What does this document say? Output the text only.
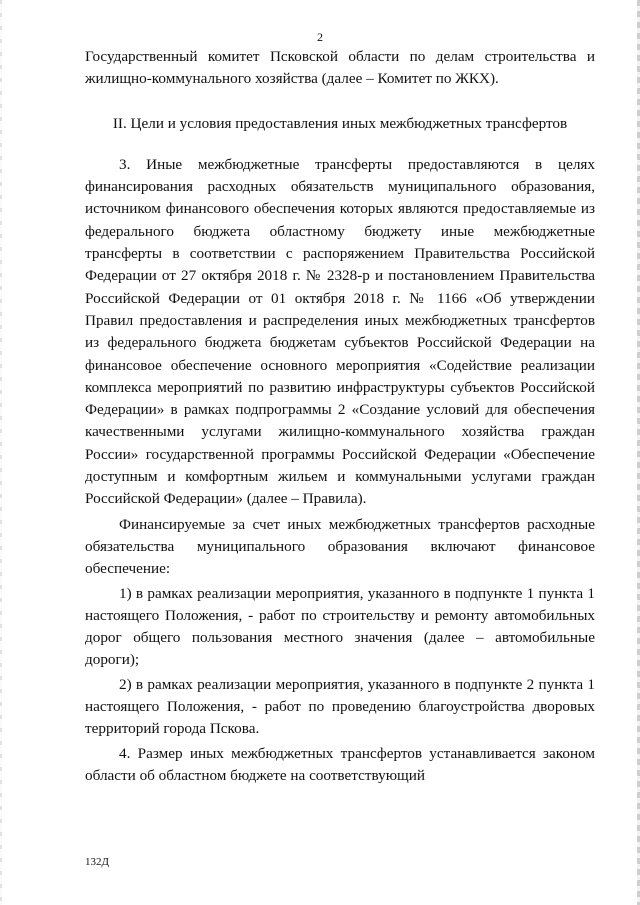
2

Государственный комитет Псковской области по делам строительства и жилищно-коммунального хозяйства (далее – Комитет по ЖКХ).

II. Цели и условия предоставления иных межбюджетных трансфертов

3. Иные межбюджетные трансферты предоставляются в целях финансирования расходных обязательств муниципального образования, источником финансового обеспечения которых являются предоставляемые из федерального бюджета областному бюджету иные межбюджетные трансферты в соответствии с распоряжением Правительства Российской Федерации от 27 октября 2018 г. № 2328-р и постановлением Правительства Российской Федерации от 01 октября 2018 г. № 1166 «Об утверждении Правил предоставления и распределения иных межбюджетных трансфертов из федерального бюджета бюджетам субъектов Российской Федерации на финансовое обеспечение основного мероприятия «Содействие реализации комплекса мероприятий по развитию инфраструктуры субъектов Российской Федерации» в рамках подпрограммы 2 «Создание условий для обеспечения качественными услугами жилищно-коммунального хозяйства граждан России» государственной программы Российской Федерации «Обеспечение доступным и комфортным жильем и коммунальными услугами граждан Российской Федерации» (далее – Правила).

Финансируемые за счет иных межбюджетных трансфертов расходные обязательства муниципального образования включают финансовое обеспечение:

1) в рамках реализации мероприятия, указанного в подпункте 1 пункта 1 настоящего Положения, - работ по строительству и ремонту автомобильных дорог общего пользования местного значения (далее – автомобильные дороги);

2) в рамках реализации мероприятия, указанного в подпункте 2 пункта 1 настоящего Положения, - работ по проведению благоустройства дворовых территорий города Пскова.

4. Размер иных межбюджетных трансфертов устанавливается законом области об областном бюджете на соответствующий

132Д
